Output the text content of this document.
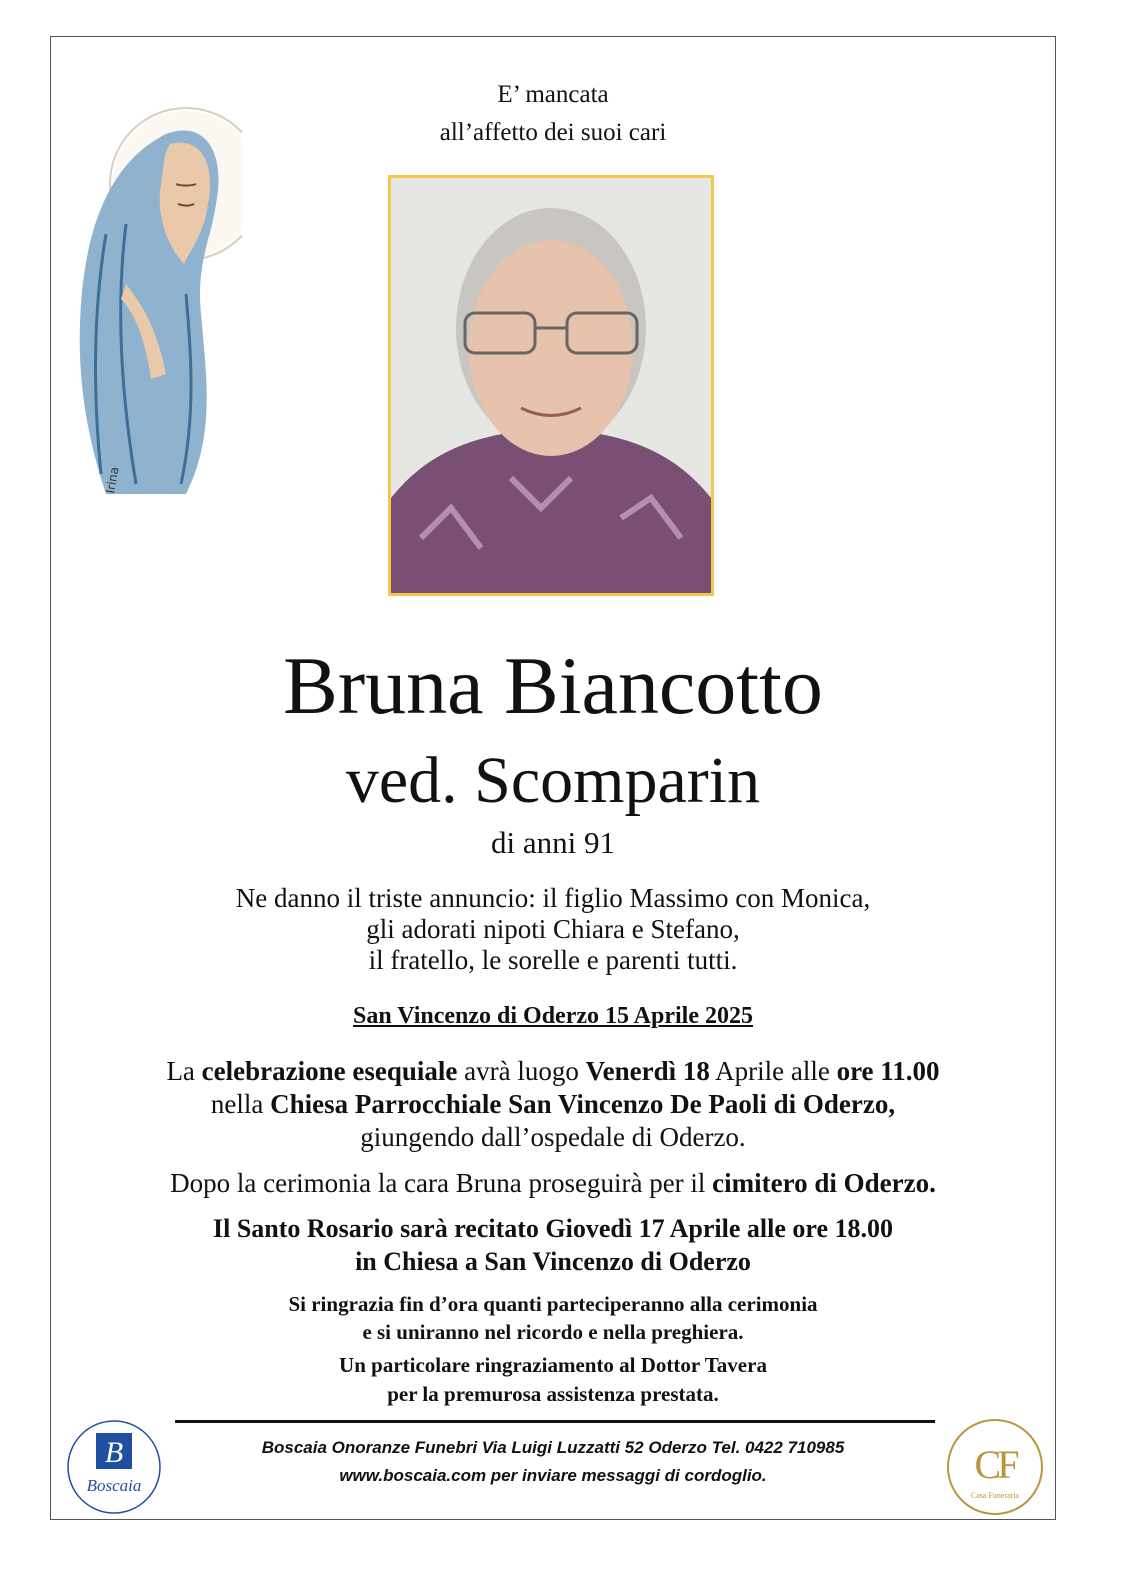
Irina
E’ mancata
all’affetto dei suoi cari
Bruna Biancotto
ved. Scomparin
di anni 91
Ne danno il triste annuncio: il figlio Massimo con Monica,
gli adorati nipoti Chiara e Stefano,
il fratello, le sorelle e parenti tutti.
San Vincenzo di Oderzo 15 Aprile 2025
La celebrazione esequiale avrà luogo Venerdì 18 Aprile alle ore 11.00
nella Chiesa Parrocchiale San Vincenzo De Paoli di Oderzo,
giungendo dall’ospedale di Oderzo.
Dopo la cerimonia la cara Bruna proseguirà per il cimitero di Oderzo.
Il Santo Rosario sarà recitato Giovedì 17 Aprile alle ore 18.00
in Chiesa a San Vincenzo di Oderzo
Si ringrazia fin d’ora quanti parteciperanno alla cerimonia
e si uniranno nel ricordo e nella preghiera.
Un particolare ringraziamento al Dottor Tavera
per la premurosa assistenza prestata.
B
Boscaia
Boscaia Onoranze Funebri Via Luigi Luzzatti 52 Oderzo Tel. 0422 710985
www.boscaia.com per inviare messaggi di cordoglio.	CF
Casa Funeraria
